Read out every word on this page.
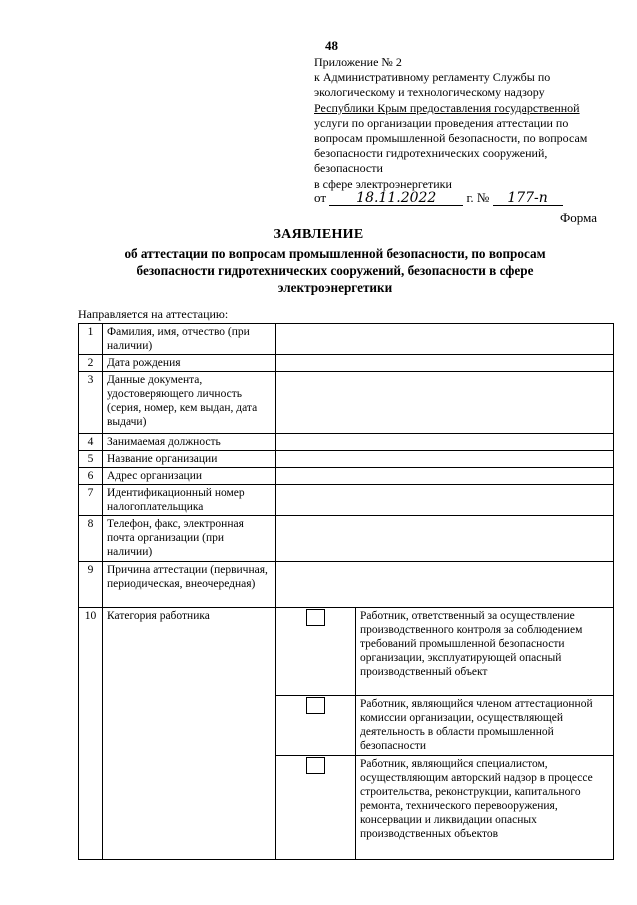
48
Приложение № 2
к Административному регламенту Службы по
экологическому и технологическому надзору
Республики Крым предоставления государственной
услуги по организации проведения аттестации по
вопросам промышленной безопасности, по вопросам
безопасности гидротехнических сооружений,
безопасности
в сфере электроэнергетики
от 18.11.2022 г. № 177-п
Форма
ЗАЯВЛЕНИЕ
об аттестации по вопросам промышленной безопасности, по вопросам безопасности гидротехнических сооружений, безопасности в сфере электроэнергетики
Направляется на аттестацию:
1	Фамилия, имя, отчество (при наличии)		
2	Дата рождения		
3	Данные документа, удостоверяющего личность (серия, номер, кем выдан, дата выдачи)		
4	Занимаемая должность		
5	Название организации		
6	Адрес организации		
7	Идентификационный номер налогоплательщика		
8	Телефон, факс, электронная почта организации (при наличии)		
9	Причина аттестации (первичная, периодическая, внеочередная)		
10	Категория работника		Работник, ответственный за осуществление производственного контроля за соблюдением требований промышленной безопасности организации, эксплуатирующей опасный производственный объект
			Работник, являющийся членом аттестационной комиссии организации, осуществляющей деятельность в области промышленной безопасности
			Работник, являющийся специалистом, осуществляющим авторский надзор в процессе строительства, реконструкции, капитального ремонта, технического перевооружения, консервации и ликвидации опасных производственных объектов
